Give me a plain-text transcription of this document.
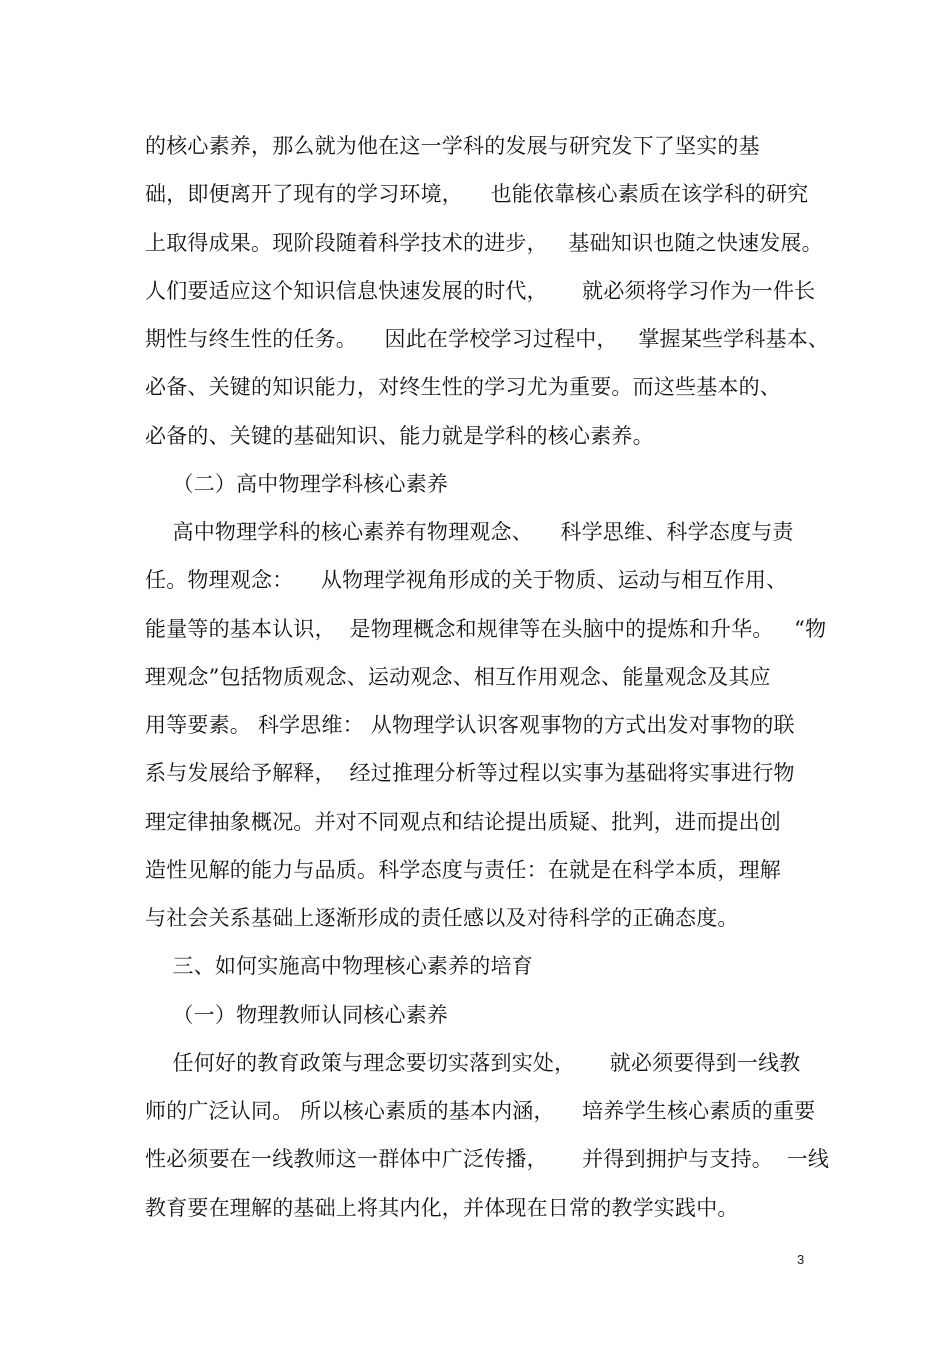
的核心素养，那么就为他在这一学科的发展与研究发下了坚实的基
础，即便离开了现有的学习环境，    也能依靠核心素质在该学科的研究
上取得成果。现阶段随着科学技术的进步，   基础知识也随之快速发展。
人们要适应这个知识信息快速发展的时代，     就必须将学习作为一件长
期性与终生性的任务。    因此在学校学习过程中，   掌握某些学科基本、
必备、关键的知识能力，对终生性的学习尤为重要。而这些基本的、
必备的、关键的基础知识、能力就是学科的核心素养。
（二）高中物理学科核心素养
高中物理学科的核心素养有物理观念、    科学思维、科学态度与责
任。物理观念：    从物理学视角形成的关于物质、运动与相互作用、
能量等的基本认识，  是物理概念和规律等在头脑中的提炼和升华。   “物
理观念”包括物质观念、运动观念、相互作用观念、能量观念及其应
用等要素。 科学思维： 从物理学认识客观事物的方式出发对事物的联
系与发展给予解释，  经过推理分析等过程以实事为基础将实事进行物
理定律抽象概况。并对不同观点和结论提出质疑、批判，进而提出创
造性见解的能力与品质。科学态度与责任：在就是在科学本质，理解
与社会关系基础上逐渐形成的责任感以及对待科学的正确态度。
三、如何实施高中物理核心素养的培育
（一）物理教师认同核心素养
任何好的教育政策与理念要切实落到实处，     就必须要得到一线教
师的广泛认同。 所以核心素质的基本内涵，    培养学生核心素质的重要
性必须要在一线教师这一群体中广泛传播，     并得到拥护与支持。  一线
教育要在理解的基础上将其内化，并体现在日常的教学实践中。
3
